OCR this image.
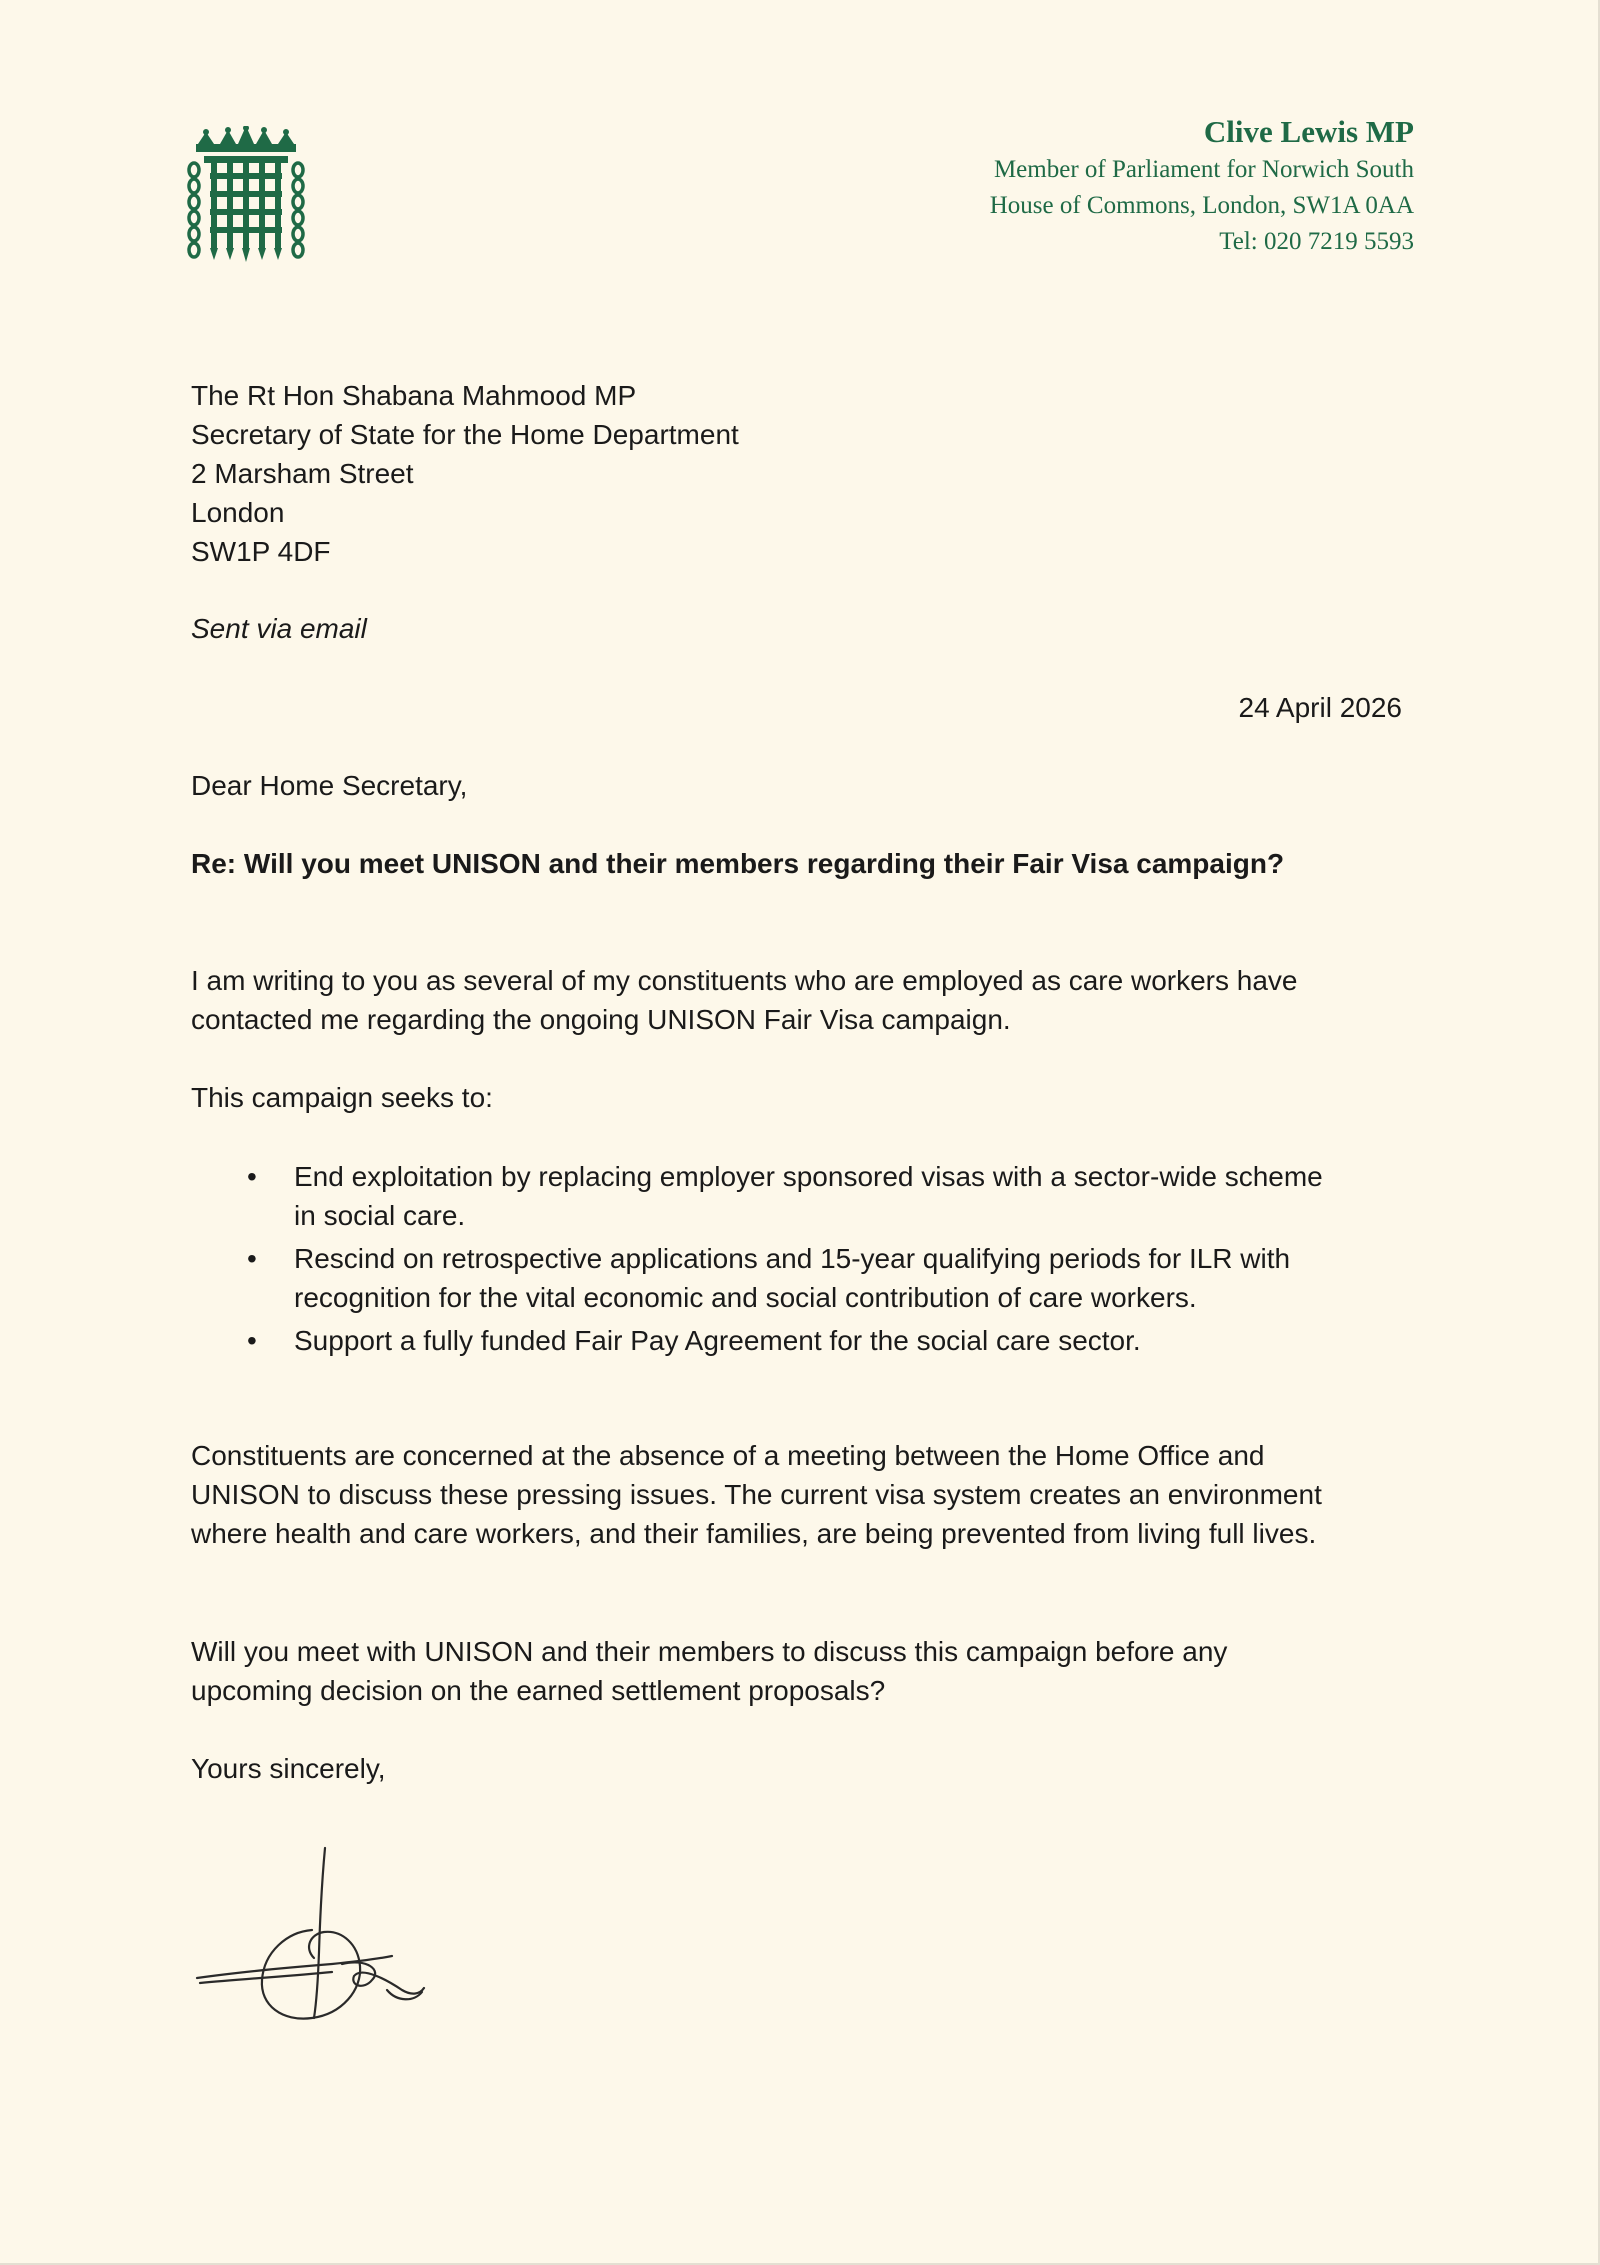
Clive Lewis MP
Member of Parliament for Norwich South
House of Commons, London, SW1A 0AA
Tel: 020 7219 5593
The Rt Hon Shabana Mahmood MP
Secretary of State for the Home Department
2 Marsham Street
London
SW1P 4DF
Sent via email
24 April 2026
Dear Home Secretary,
Re: Will you meet UNISON and their members regarding their Fair Visa campaign?
I am writing to you as several of my constituents who are employed as care workers have contacted me regarding the ongoing UNISON Fair Visa campaign.
This campaign seeks to:
• End exploitation by replacing employer sponsored visas with a sector-wide scheme in social care.
• Rescind on retrospective applications and 15-year qualifying periods for ILR with recognition for the vital economic and social contribution of care workers.
• Support a fully funded Fair Pay Agreement for the social care sector.
Constituents are concerned at the absence of a meeting between the Home Office and UNISON to discuss these pressing issues. The current visa system creates an environment where health and care workers, and their families, are being prevented from living full lives.
Will you meet with UNISON and their members to discuss this campaign before any upcoming decision on the earned settlement proposals?
Yours sincerely,
